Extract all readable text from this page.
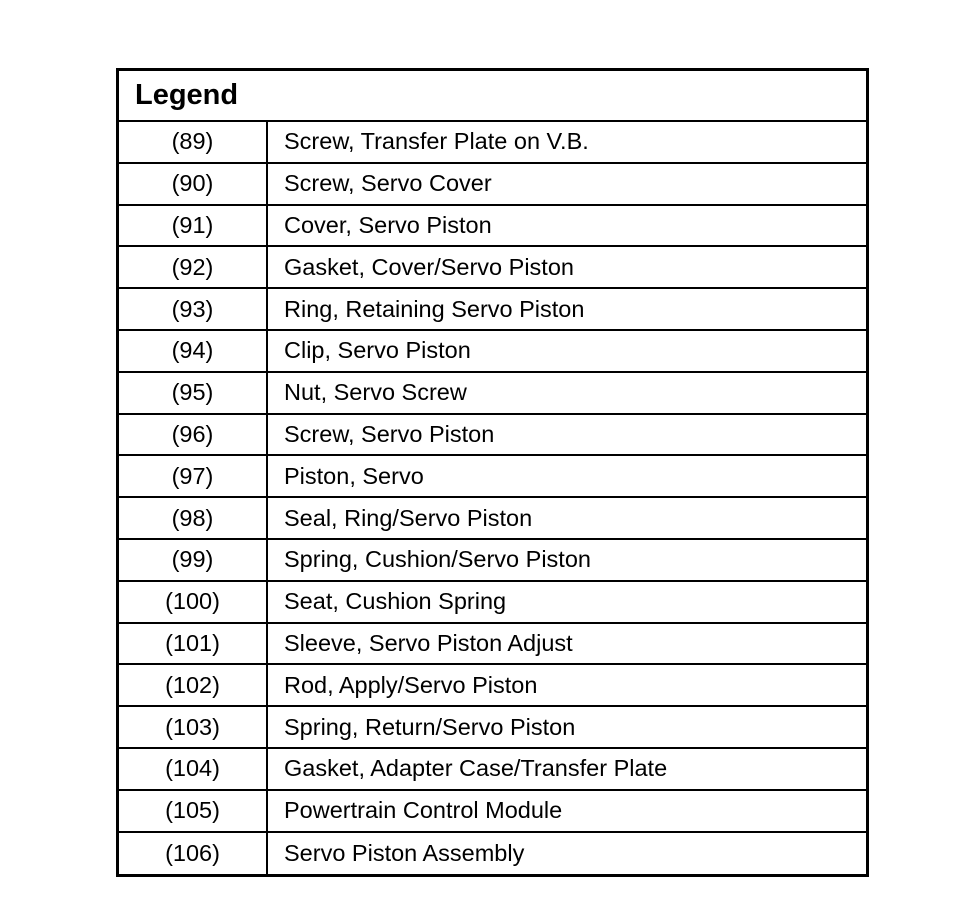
Legend
(89)	Screw, Transfer Plate on V.B.
(90)	Screw, Servo Cover
(91)	Cover, Servo Piston
(92)	Gasket, Cover/Servo Piston
(93)	Ring, Retaining Servo Piston
(94)	Clip, Servo Piston
(95)	Nut, Servo Screw
(96)	Screw, Servo Piston
(97)	Piston, Servo
(98)	Seal, Ring/Servo Piston
(99)	Spring, Cushion/Servo Piston
(100)	Seat, Cushion Spring
(101)	Sleeve, Servo Piston Adjust
(102)	Rod, Apply/Servo Piston
(103)	Spring, Return/Servo Piston
(104)	Gasket, Adapter Case/Transfer Plate
(105)	Powertrain Control Module
(106)	Servo Piston Assembly
